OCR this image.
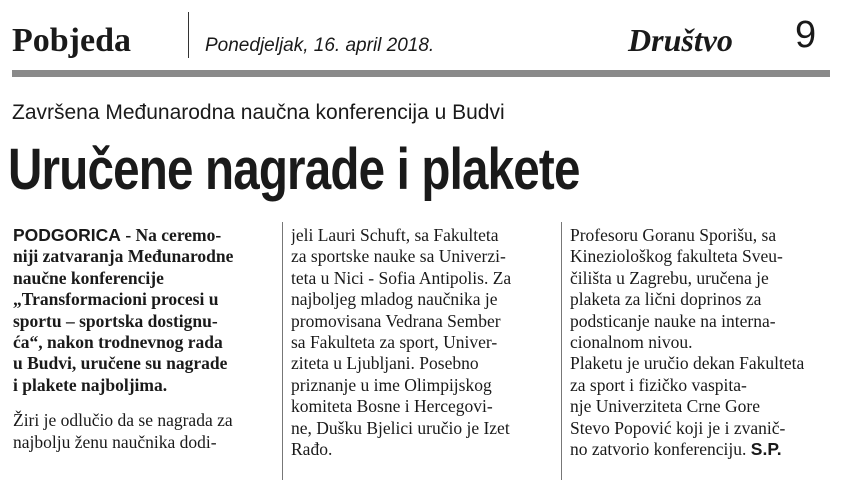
Pobjeda	Ponedjeljak, 16. april 2018.	Društvo 9
Završena Međunarodna naučna konferencija u Budvi
Uručene nagrade i plakete
PODGORICA - Na ceremo-
niji zatvaranja Međunarodne
naučne konferencije
„Transformacioni procesi u
sportu – sportska dostignu-
ća“, nakon trodnevnog rada
u Budvi, uručene su nagrade
i plakete najboljima.
Žiri je odlučio da se nagrada za
najbolju ženu naučnika dodi-
jeli Lauri Schuft, sa Fakulteta
za sportske nauke sa Univerzi-
teta u Nici - Sofia Antipolis. Za
najboljeg mladog naučnika je
promovisana Vedrana Sember
sa Fakulteta za sport, Univer-
ziteta u Ljubljani. Posebno
priznanje u ime Olimpijskog
komiteta Bosne i Hercegovi-
ne, Dušku Bjelici uručio je Izet
Rađo.
Profesoru Goranu Sporišu, sa
Kineziološkog fakulteta Sveu-
čilišta u Zagrebu, uručena je
plaketa za lični doprinos za
podsticanje nauke na internа-
cionalnom nivou.
Plaketu je uručio dekan Fakulteta
za sport i fizičko vaspita-
nje Univerziteta Crne Gore
Stevo Popović koji je i zvanič-
no zatvorio konferenciju. S.P.
